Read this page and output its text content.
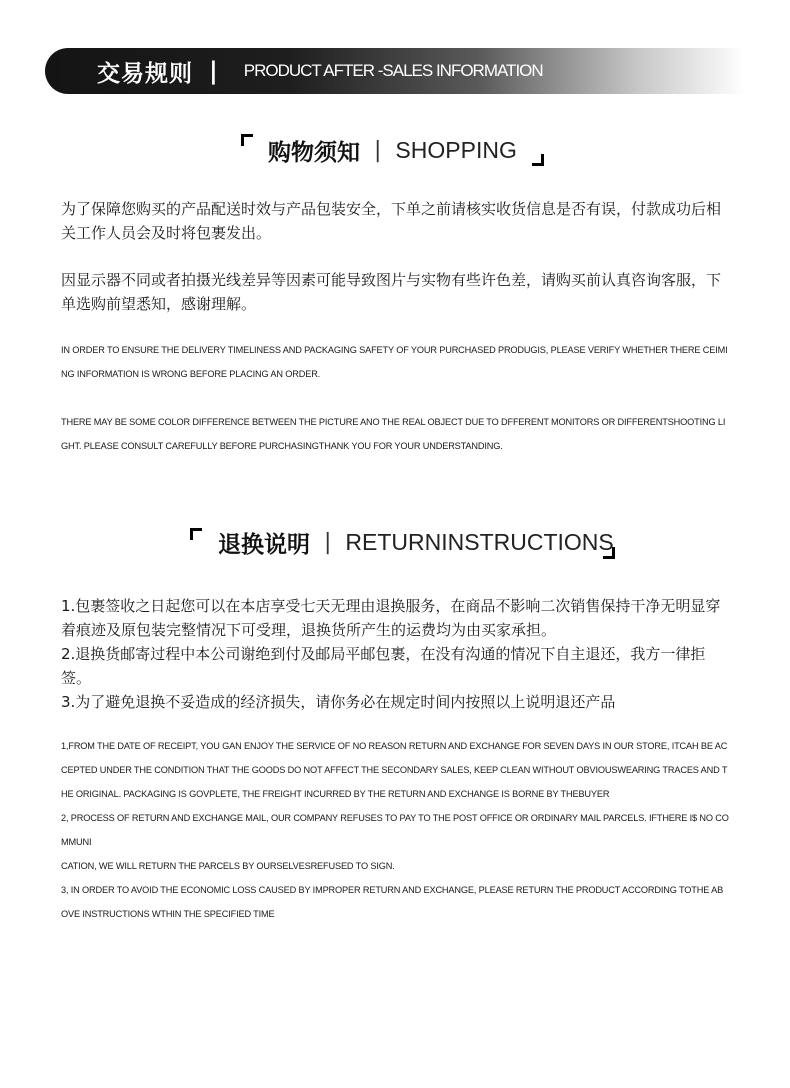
交易规则 | PRODUCT AFTER -SALES INFORMATION
购物须知 | SHOPPING

为了保障您购买的产品配送时效与产品包装安全，下单之前请核实收货信息是否有误，付款成功后相关工作人员会及时将包裹发出。

因显示器不同或者拍摄光线差异等因素可能导致图片与实物有些许色差，请购买前认真咨询客服，下单选购前望悉知，感谢理解。

IN ORDER TO ENSURE THE DELIVERY TIMELINESS AND PACKAGING SAFETY OF YOUR PURCHASED PRODUGIS, PLEASE VERIFY WHETHER THERE CEIMING INFORMATION IS WRONG BEFORE PLACING AN ORDER.

THERE MAY BE SOME COLOR DIFFERENCE BETWEEN THE PICTURE ANO THE REAL OBJECT DUE TO DFFERENT MONITORS OR DIFFERENTSHOOTING LIGHT. PLEASE CONSULT CAREFULLY BEFORE PURCHASINGTHANK YOU FOR YOUR UNDERSTANDING.

退换说明 | RETURNINSTRUCTIONS
1.包裹签收之日起您可以在本店享受七天无理由退换服务，在商品不影响二次销售保持干净无明显穿着痕迹及原包装完整情况下可受理，退换货所产生的运费均为由买家承担。
2.退换货邮寄过程中本公司谢绝到付及邮局平邮包裹，在没有沟通的情况下自主退还，我方一律拒签。
3.为了避免退换不妥造成的经济损失，请你务必在规定时间内按照以上说明退还产品
1,FROM THE DATE OF RECEIPT, YOU GAN ENJOY THE SERVICE OF NO REASON RETURN AND EXCHANGE FOR SEVEN DAYS IN OUR STORE, ITCAH BE ACCEPTED UNDER THE CONDITION THAT THE GOODS DO NOT AFFECT THE SECONDARY SALES, KEEP CLEAN WITHOUT OBVIOUSWEARING TRACES AND THE ORIGINAL. PACKAGING IS GOVPLETE, THE FREIGHT INCURRED BY THE RETURN AND EXCHANGE IS BORNE BY THEBUYER
2, PROCESS OF RETURN AND EXCHANGE MAIL, OUR COMPANY REFUSES TO PAY TO THE POST OFFICE OR ORDINARY MAIL PARCELS. IFTHERE I$ NO COMMUNI
CATION, WE WILL RETURN THE PARCELS BY OURSELVESREFUSED TO SIGN.
3, IN ORDER TO AVOID THE ECONOMIC LOSS CAUSED BY IMPROPER RETURN AND EXCHANGE, PLEASE RETURN THE PRODUCT ACCORDING TOTHE ABOVE INSTRUCTIONS WTHIN THE SPECIFIED TIME
